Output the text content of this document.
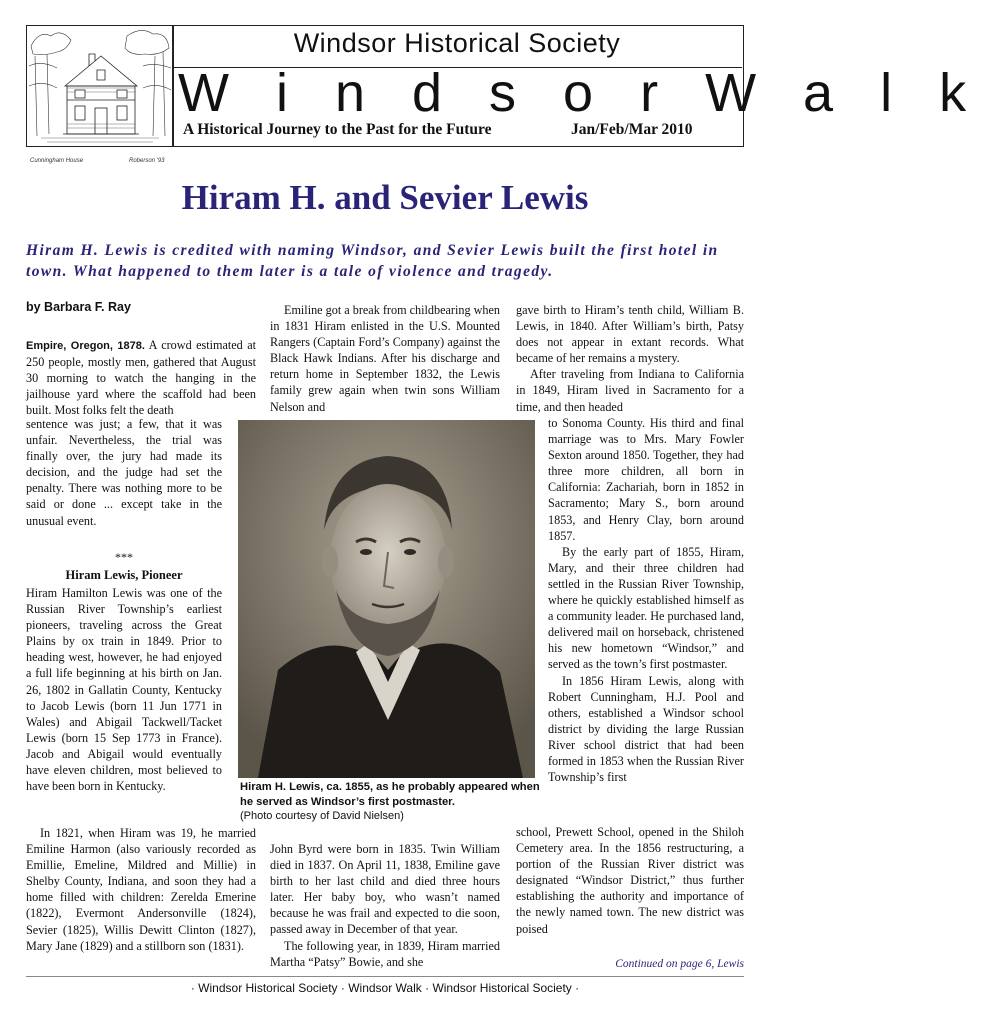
Cunningham House	Roberson '93
Windsor Historical Society
W i n d s o r W a l k
A Historical Journey to the Past for the Future	Jan/Feb/Mar 2010
Hiram H. and Sevier Lewis
Hiram H. Lewis is credited with naming Windsor, and Sevier Lewis built the first hotel in town. What happened to them later is a tale of violence and tragedy.
by Barbara F. Ray

Empire, Oregon, 1878. A crowd estimated at 250 people, mostly men, gathered that August 30 morning to watch the hanging in the jailhouse yard where the scaffold had been built. Most folks felt the death

sentence was just; a few, that it was unfair. Nevertheless, the trial was finally over, the jury had made its decision, and the judge had set the penalty. There was nothing more to be said or done ... except take in the unusual event.
***
Hiram Lewis, Pioneer
Hiram Hamilton Lewis was one of the Russian River Township’s earliest pioneers, traveling across the Great Plains by ox train in 1849. Prior to heading west, however, he had enjoyed a full life beginning at his birth on Jan. 26, 1802 in Gallatin County, Kentucky to Jacob Lewis (born 11 Jun 1771 in Wales) and Abigail Tackwell/Tacket Lewis (born 15 Sep 1773 in France). Jacob and Abigail would eventually have eleven children, most believed to have been born in Kentucky.
In 1821, when Hiram was 19, he married Emiline Harmon (also variously recorded as Emillie, Emeline, Mildred and Millie) in Shelby County, Indiana, and soon they had a home filled with children: Zerelda Emerine (1822), Evermont Andersonville (1824), Sevier (1825), Willis Dewitt Clinton (1827), Mary Jane (1829) and a stillborn son (1831).
Emiline got a break from childbearing when in 1831 Hiram enlisted in the U.S. Mounted Rangers (Captain Ford’s Company) against the Black Hawk Indians. After his discharge and return home in September 1832, the Lewis family grew again when twin sons William Nelson and

John Byrd were born in 1835. Twin William died in 1837. On April 11, 1838, Emiline gave birth to her last child and died three hours later. Her baby boy, who wasn’t named because he was frail and expected to die soon, passed away in December of that year.

The following year, in 1839, Hiram married Martha “Patsy” Bowie, and she

gave birth to Hiram’s tenth child, William B. Lewis, in 1840. After William’s birth, Patsy does not appear in extant records. What became of her remains a mystery.

After traveling from Indiana to California in 1849, Hiram lived in Sacramento for a time, and then headed

to Sonoma County. His third and final marriage was to Mrs. Mary Fowler Sexton around 1850. Together, they had three more children, all born in California: Zachariah, born in 1852 in Sacramento; Mary S., born around 1853, and Henry Clay, born around 1857.

By the early part of 1855, Hiram, Mary, and their three children had settled in the Russian River Township, where he quickly established himself as a community leader. He purchased land, delivered mail on horseback, christened his new hometown “Windsor,” and served as the town’s first postmaster.

In 1856 Hiram Lewis, along with Robert Cunningham, H.J. Pool and others, established a Windsor school district by dividing the large Russian River school district that had been formed in 1853 when the Russian River Township’s first

school, Prewett School, opened in the Shiloh Cemetery area. In the 1856 restructuring, a portion of the Russian River district was designated “Windsor District,” thus further establishing the authority and importance of the newly named town. The new district was poised
Continued on page 6, Lewis
Hiram H. Lewis, ca. 1855, as he probably appeared when he served as Windsor’s first postmaster.
(Photo courtesy of David Nielsen)
· Windsor Historical Society · Windsor Walk · Windsor Historical Society ·
